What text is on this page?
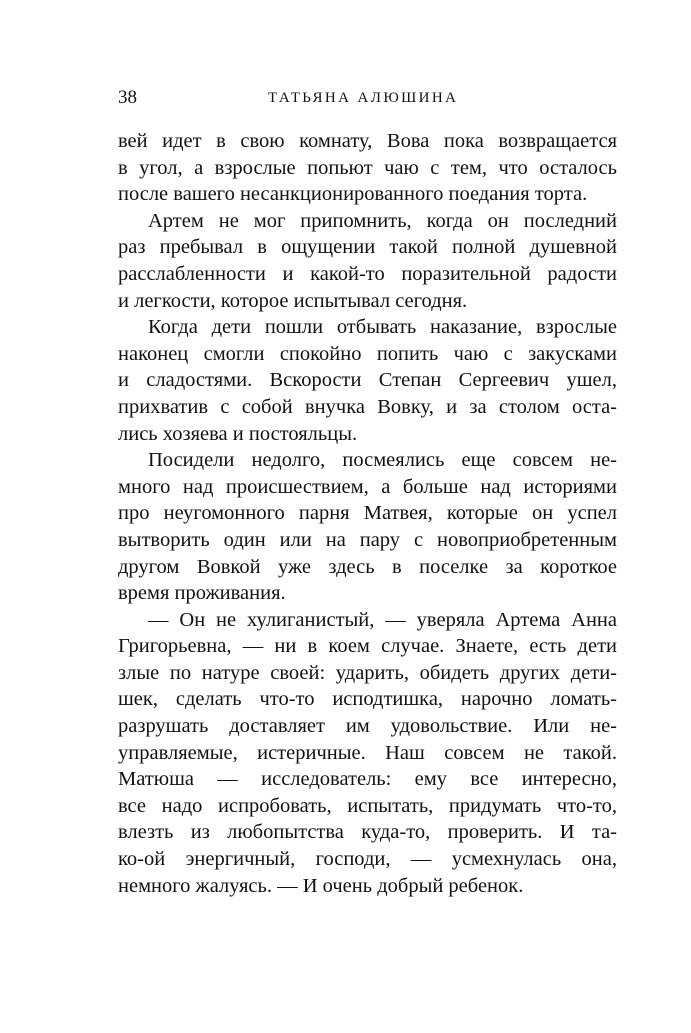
38	ТАТЬЯНА АЛЮШИНА
вей идет в свою комнату, Вова пока возвращается
в угол, а взрослые попьют чаю с тем, что осталось
после вашего несанкционированного поедания торта.
Артем не мог припомнить, когда он последний
раз пребывал в ощущении такой полной душевной
расслабленности и какой-то поразительной радости
и легкости, которое испытывал сегодня.
Когда дети пошли отбывать наказание, взрослые
наконец смогли спокойно попить чаю с закусками
и сладостями. Вскорости Степан Сергеевич ушел,
прихватив с собой внучка Вовку, и за столом оста-
лись хозяева и постояльцы.
Посидели недолго, посмеялись еще совсем не-
много над происшествием, а больше над историями
про неугомонного парня Матвея, которые он успел
вытворить один или на пару с новоприобретенным
другом Вовкой уже здесь в поселке за короткое
время проживания.
— Он не хулиганистый, — уверяла Артема Анна
Григорьевна, — ни в коем случае. Знаете, есть дети
злые по натуре своей: ударить, обидеть других дети-
шек, сделать что-то исподтишка, нарочно ломать-
разрушать доставляет им удовольствие. Или не-
управляемые, истеричные. Наш совсем не такой.
Матюша — исследователь: ему все интересно,
все надо испробовать, испытать, придумать что-то,
влезть из любопытства куда-то, проверить. И та-
ко-ой энергичный, господи, — усмехнулась она,
немного жалуясь. — И очень добрый ребенок.
